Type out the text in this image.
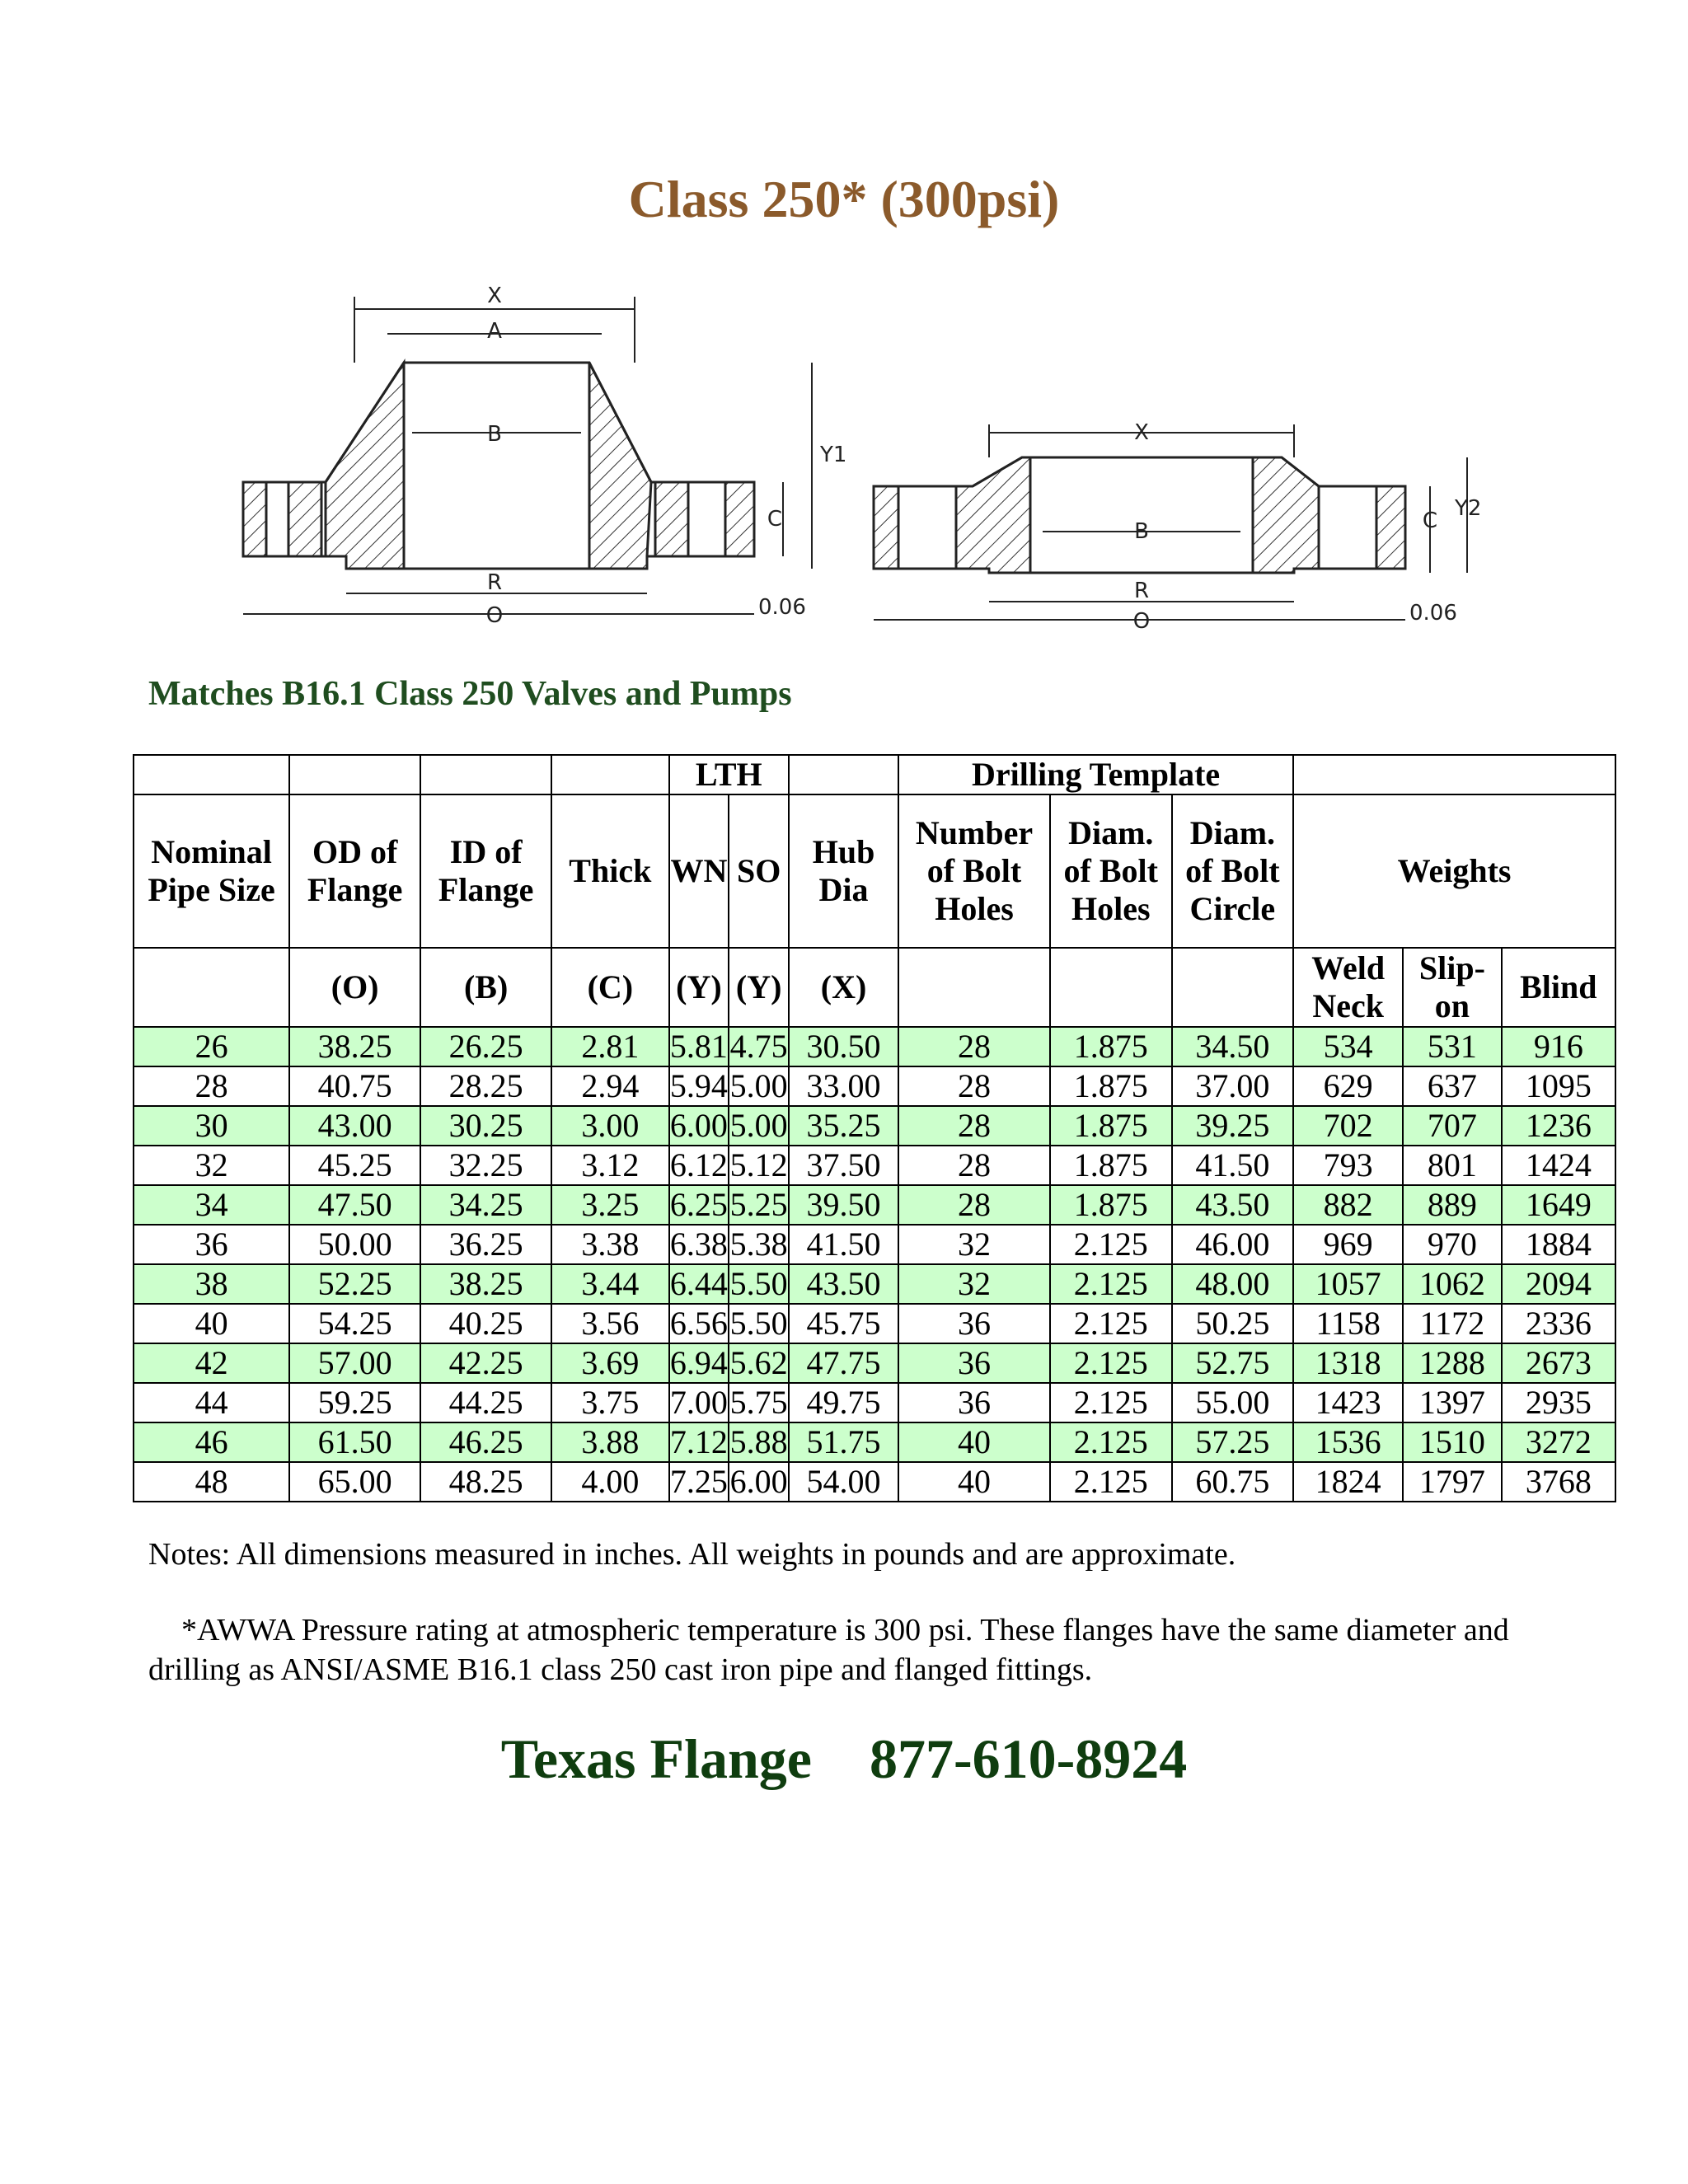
Class 250* (300psi)
X
A
B
Y1
C
R
O	0.06
X
B	C Y2
R
O	0.06
Matches B16.1 Class 250 Valves and Pumps
				LTH			Drilling Template					
Nominal Pipe Size	OD of Flange	ID of Flange	Thick	WN	SO	Hub Dia	Number of Bolt Holes	Diam. of Bolt Holes	Diam. of Bolt Circle	Weights		
	(O)	(B)	(C)	(Y)	(Y)	(X)				Weld Neck	Slip-on	Blind
26	38.25	26.25	2.81	5.81	4.75	30.50	28	1.875	34.50	534	531	916
28	40.75	28.25	2.94	5.94	5.00	33.00	28	1.875	37.00	629	637	1095
30	43.00	30.25	3.00	6.00	5.00	35.25	28	1.875	39.25	702	707	1236
32	45.25	32.25	3.12	6.12	5.12	37.50	28	1.875	41.50	793	801	1424
34	47.50	34.25	3.25	6.25	5.25	39.50	28	1.875	43.50	882	889	1649
36	50.00	36.25	3.38	6.38	5.38	41.50	32	2.125	46.00	969	970	1884
38	52.25	38.25	3.44	6.44	5.50	43.50	32	2.125	48.00	1057	1062	2094
40	54.25	40.25	3.56	6.56	5.50	45.75	36	2.125	50.25	1158	1172	2336
42	57.00	42.25	3.69	6.94	5.62	47.75	36	2.125	52.75	1318	1288	2673
44	59.25	44.25	3.75	7.00	5.75	49.75	36	2.125	55.00	1423	1397	2935
46	61.50	46.25	3.88	7.12	5.88	51.75	40	2.125	57.25	1536	1510	3272
48	65.00	48.25	4.00	7.25	6.00	54.00	40	2.125	60.75	1824	1797	3768

Notes: All dimensions measured in inches. All weights in pounds and are approximate.

*AWWA Pressure rating at atmospheric temperature is 300 psi. These flanges have the same diameter and drilling as ANSI/ASME B16.1 class 250 cast iron pipe and flanged fittings.

Texas Flange 877-610-8924
